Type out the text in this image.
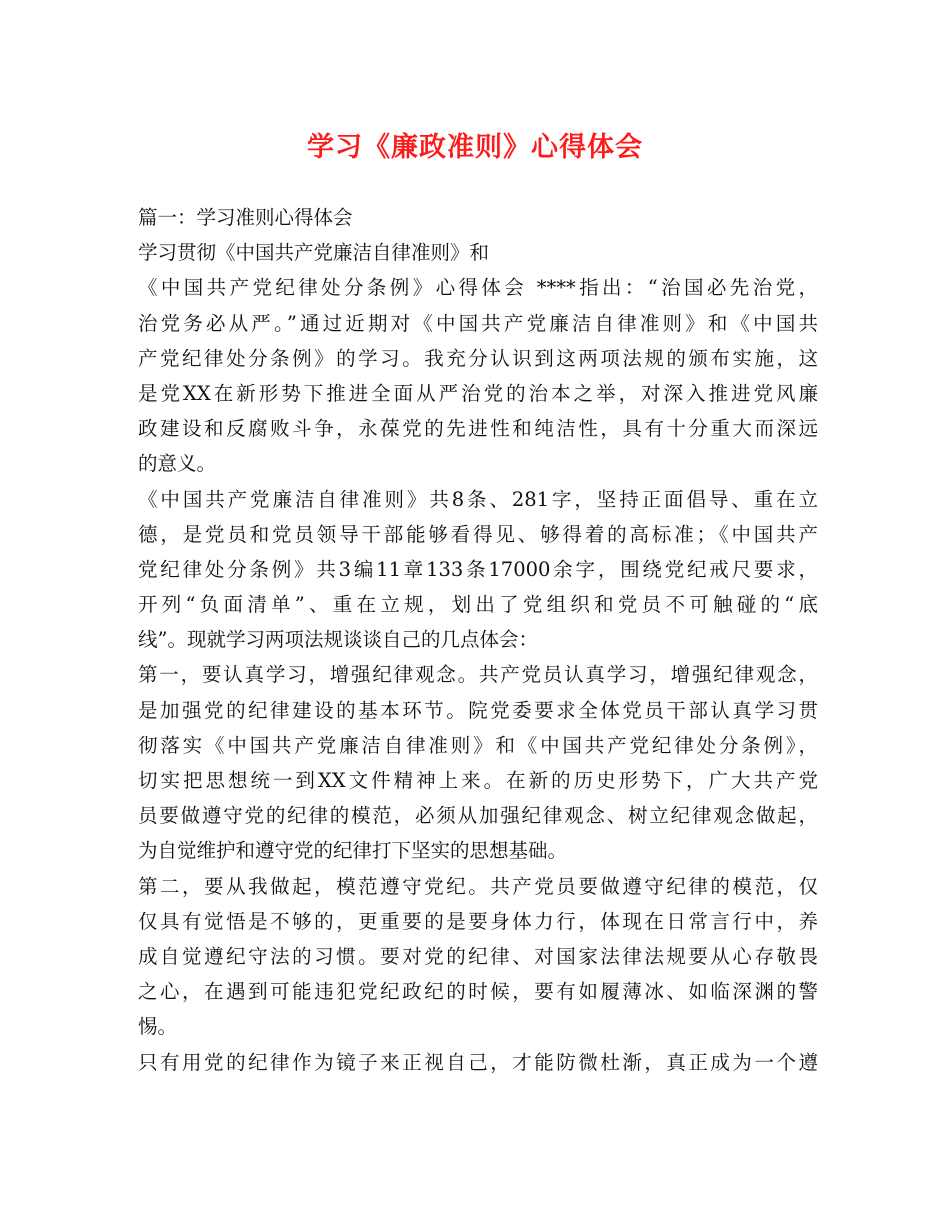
学习《廉政准则》心得体会
篇一：学习准则心得体会
学习贯彻《中国共产党廉洁自律准则》和
《中国共产党纪律处分条例》心得体会 ****指出：“治国必先治党，
治党务必从严。”通过近期对《中国共产党廉洁自律准则》和《中国共
产党纪律处分条例》的学习。我充分认识到这两项法规的颁布实施，这
是党XX在新形势下推进全面从严治党的治本之举，对深入推进党风廉
政建设和反腐败斗争，永葆党的先进性和纯洁性，具有十分重大而深远
的意义。
《中国共产党廉洁自律准则》共8条、281字，坚持正面倡导、重在立
德，是党员和党员领导干部能够看得见、够得着的高标准；《中国共产
党纪律处分条例》共3编11章133条17000余字，围绕党纪戒尺要求，
开列“负面清单”、重在立规，划出了党组织和党员不可触碰的“底
线”。现就学习两项法规谈谈自己的几点体会：
第一，要认真学习，增强纪律观念。共产党员认真学习，增强纪律观念，
是加强党的纪律建设的基本环节。院党委要求全体党员干部认真学习贯
彻落实《中国共产党廉洁自律准则》和《中国共产党纪律处分条例》，
切实把思想统一到XX文件精神上来。在新的历史形势下，广大共产党
员要做遵守党的纪律的模范，必须从加强纪律观念、树立纪律观念做起，
为自觉维护和遵守党的纪律打下坚实的思想基础。
第二，要从我做起，模范遵守党纪。共产党员要做遵守纪律的模范，仅
仅具有觉悟是不够的，更重要的是要身体力行，体现在日常言行中，养
成自觉遵纪守法的习惯。要对党的纪律、对国家法律法规要从心存敬畏
之心，在遇到可能违犯党纪政纪的时候，要有如履薄冰、如临深渊的警
惕。
只有用党的纪律作为镜子来正视自己，才能防微杜渐，真正成为一个遵
